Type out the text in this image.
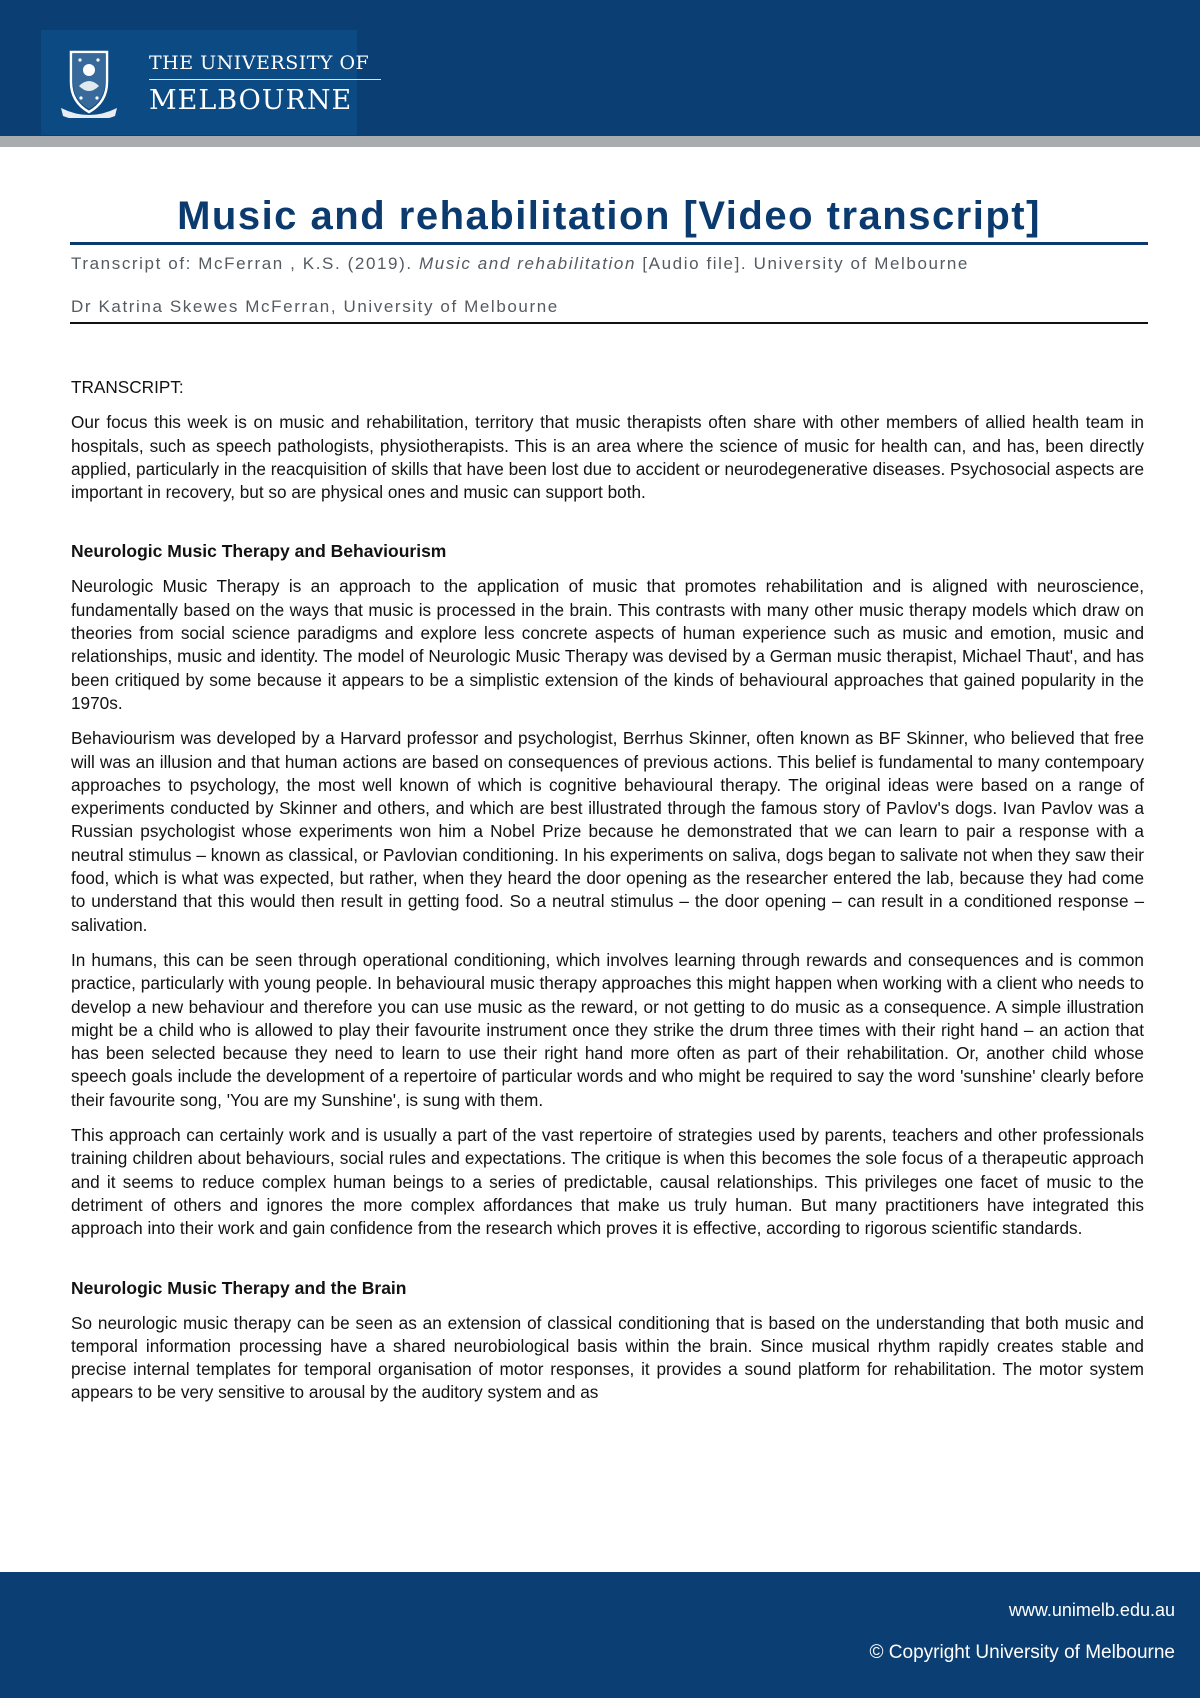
THE UNIVERSITY OF
MELBOURNE
Music and rehabilitation [Video transcript]
Transcript of: McFerran , K.S. (2019). Music and rehabilitation [Audio file]. University of Melbourne
Dr Katrina Skewes McFerran, University of Melbourne

TRANSCRIPT:

Our focus this week is on music and rehabilitation, territory that music therapists often share with other members of allied health team in hospitals, such as speech pathologists, physiotherapists. This is an area where the science of music for health can, and has, been directly applied, particularly in the reacquisition of skills that have been lost due to accident or neurodegenerative diseases. Psychosocial aspects are important in recovery, but so are physical ones and music can support both.

Neurologic Music Therapy and Behaviourism

Neurologic Music Therapy is an approach to the application of music that promotes rehabilitation and is aligned with neuroscience, fundamentally based on the ways that music is processed in the brain. This contrasts with many other music therapy models which draw on theories from social science paradigms and explore less concrete aspects of human experience such as music and emotion, music and relationships, music and identity. The model of Neurologic Music Therapy was devised by a German music therapist, Michael Thaut', and has been critiqued by some because it appears to be a simplistic extension of the kinds of behavioural approaches that gained popularity in the 1970s.

Behaviourism was developed by a Harvard professor and psychologist, Berrhus Skinner, often known as BF Skinner, who believed that free will was an illusion and that human actions are based on consequences of previous actions. This belief is fundamental to many contempoary approaches to psychology, the most well known of which is cognitive behavioural therapy. The original ideas were based on a range of experiments conducted by Skinner and others, and which are best illustrated through the famous story of Pavlov's dogs. Ivan Pavlov was a Russian psychologist whose experiments won him a Nobel Prize because he demonstrated that we can learn to pair a response with a neutral stimulus – known as classical, or Pavlovian conditioning. In his experiments on saliva, dogs began to salivate not when they saw their food, which is what was expected, but rather, when they heard the door opening as the researcher entered the lab, because they had come to understand that this would then result in getting food. So a neutral stimulus – the door opening – can result in a conditioned response – salivation.

In humans, this can be seen through operational conditioning, which involves learning through rewards and consequences and is common practice, particularly with young people. In behavioural music therapy approaches this might happen when working with a client who needs to develop a new behaviour and therefore you can use music as the reward, or not getting to do music as a consequence. A simple illustration might be a child who is allowed to play their favourite instrument once they strike the drum three times with their right hand – an action that has been selected because they need to learn to use their right hand more often as part of their rehabilitation. Or, another child whose speech goals include the development of a repertoire of particular words and who might be required to say the word 'sunshine' clearly before their favourite song, 'You are my Sunshine', is sung with them.

This approach can certainly work and is usually a part of the vast repertoire of strategies used by parents, teachers and other professionals training children about behaviours, social rules and expectations. The critique is when this becomes the sole focus of a therapeutic approach and it seems to reduce complex human beings to a series of predictable, causal relationships. This privileges one facet of music to the detriment of others and ignores the more complex affordances that make us truly human. But many practitioners have integrated this approach into their work and gain confidence from the research which proves it is effective, according to rigorous scientific standards.

Neurologic Music Therapy and the Brain

So neurologic music therapy can be seen as an extension of classical conditioning that is based on the understanding that both music and temporal information processing have a shared neurobiological basis within the brain. Since musical rhythm rapidly creates stable and precise internal templates for temporal organisation of motor responses, it provides a sound platform for rehabilitation. The motor system appears to be very sensitive to arousal by the auditory system and as

www.unimelb.edu.au
© Copyright University of Melbourne
